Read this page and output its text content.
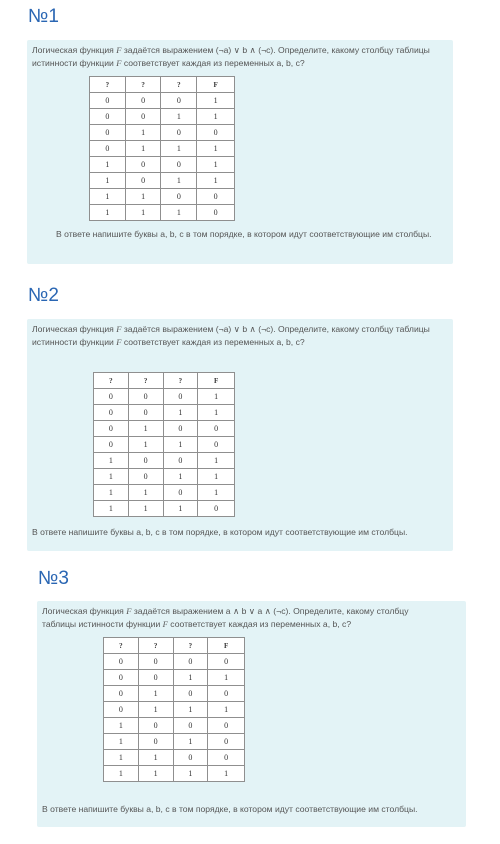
№1
Логическая функция F задаётся выражением (¬a) ∨ b ∧ (¬c). Определите, какому столбцу таблицы истинности функции F соответствует каждая из переменных a, b, c?
?	?	?	F
0	0	0	1
0	0	1	1
0	1	0	0
0	1	1	1
1	0	0	1
1	0	1	1
1	1	0	0
1	1	1	0
В ответе напишите буквы a, b, c в том порядке, в котором идут соответствующие им столбцы.
№2
Логическая функция F задаётся выражением (¬a) ∨ b ∧ (¬c). Определите, какому столбцу таблицы истинности функции F соответствует каждая из переменных a, b, c?
?	?	?	F
0	0	0	1
0	0	1	1
0	1	0	0
0	1	1	0
1	0	0	1
1	0	1	1
1	1	0	1
1	1	1	0
В ответе напишите буквы a, b, c в том порядке, в котором идут соответствующие им столбцы.
№3
Логическая функция F задаётся выражением a ∧ b ∨ a ∧ (¬c). Определите, какому столбцу таблицы истинности функции F соответствует каждая из переменных a, b, c?
?	?	?	F
0	0	0	0
0	0	1	1
0	1	0	0
0	1	1	1
1	0	0	0
1	0	1	0
1	1	0	0
1	1	1	1
В ответе напишите буквы a, b, c в том порядке, в котором идут соответствующие им столбцы.
